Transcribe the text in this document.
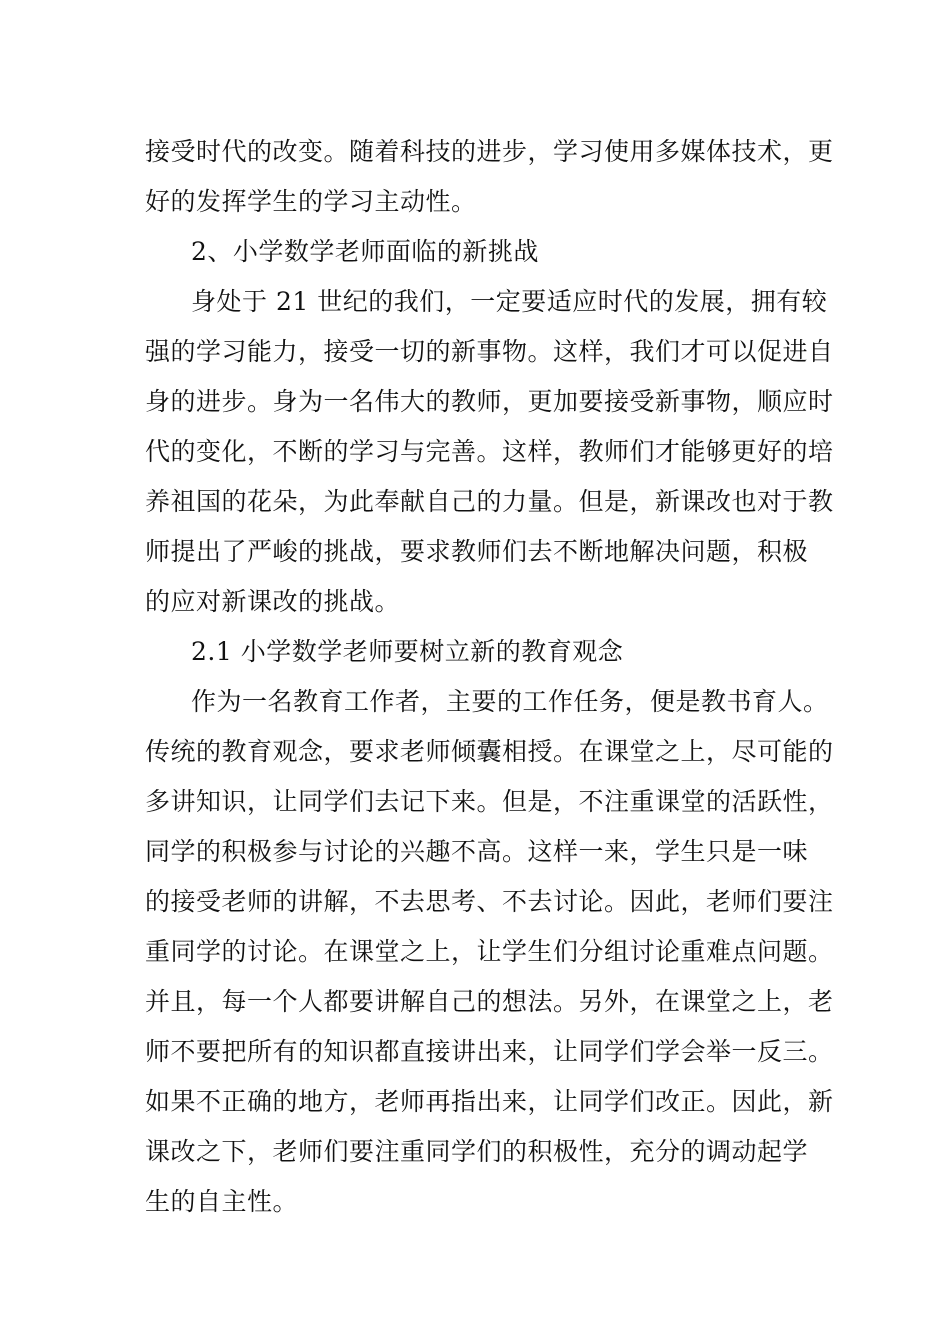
接受时代的改变。随着科技的进步，学习使用多媒体技术，更
好的发挥学生的学习主动性。
2、小学数学老师面临的新挑战
身处于 21 世纪的我们，一定要适应时代的发展，拥有较
强的学习能力，接受一切的新事物。这样，我们才可以促进自
身的进步。身为一名伟大的教师，更加要接受新事物，顺应时
代的变化，不断的学习与完善。这样，教师们才能够更好的培
养祖国的花朵，为此奉献自己的力量。但是，新课改也对于教
师提出了严峻的挑战，要求教师们去不断地解决问题，积极
的应对新课改的挑战。
2.1 小学数学老师要树立新的教育观念
作为一名教育工作者，主要的工作任务，便是教书育人。
传统的教育观念，要求老师倾囊相授。在课堂之上，尽可能的
多讲知识，让同学们去记下来。但是，不注重课堂的活跃性，
同学的积极参与讨论的兴趣不高。这样一来，学生只是一味
的接受老师的讲解，不去思考、不去讨论。因此，老师们要注
重同学的讨论。在课堂之上，让学生们分组讨论重难点问题。
并且，每一个人都要讲解自己的想法。另外，在课堂之上，老
师不要把所有的知识都直接讲出来，让同学们学会举一反三。
如果不正确的地方，老师再指出来，让同学们改正。因此，新
课改之下，老师们要注重同学们的积极性，充分的调动起学
生的自主性。
